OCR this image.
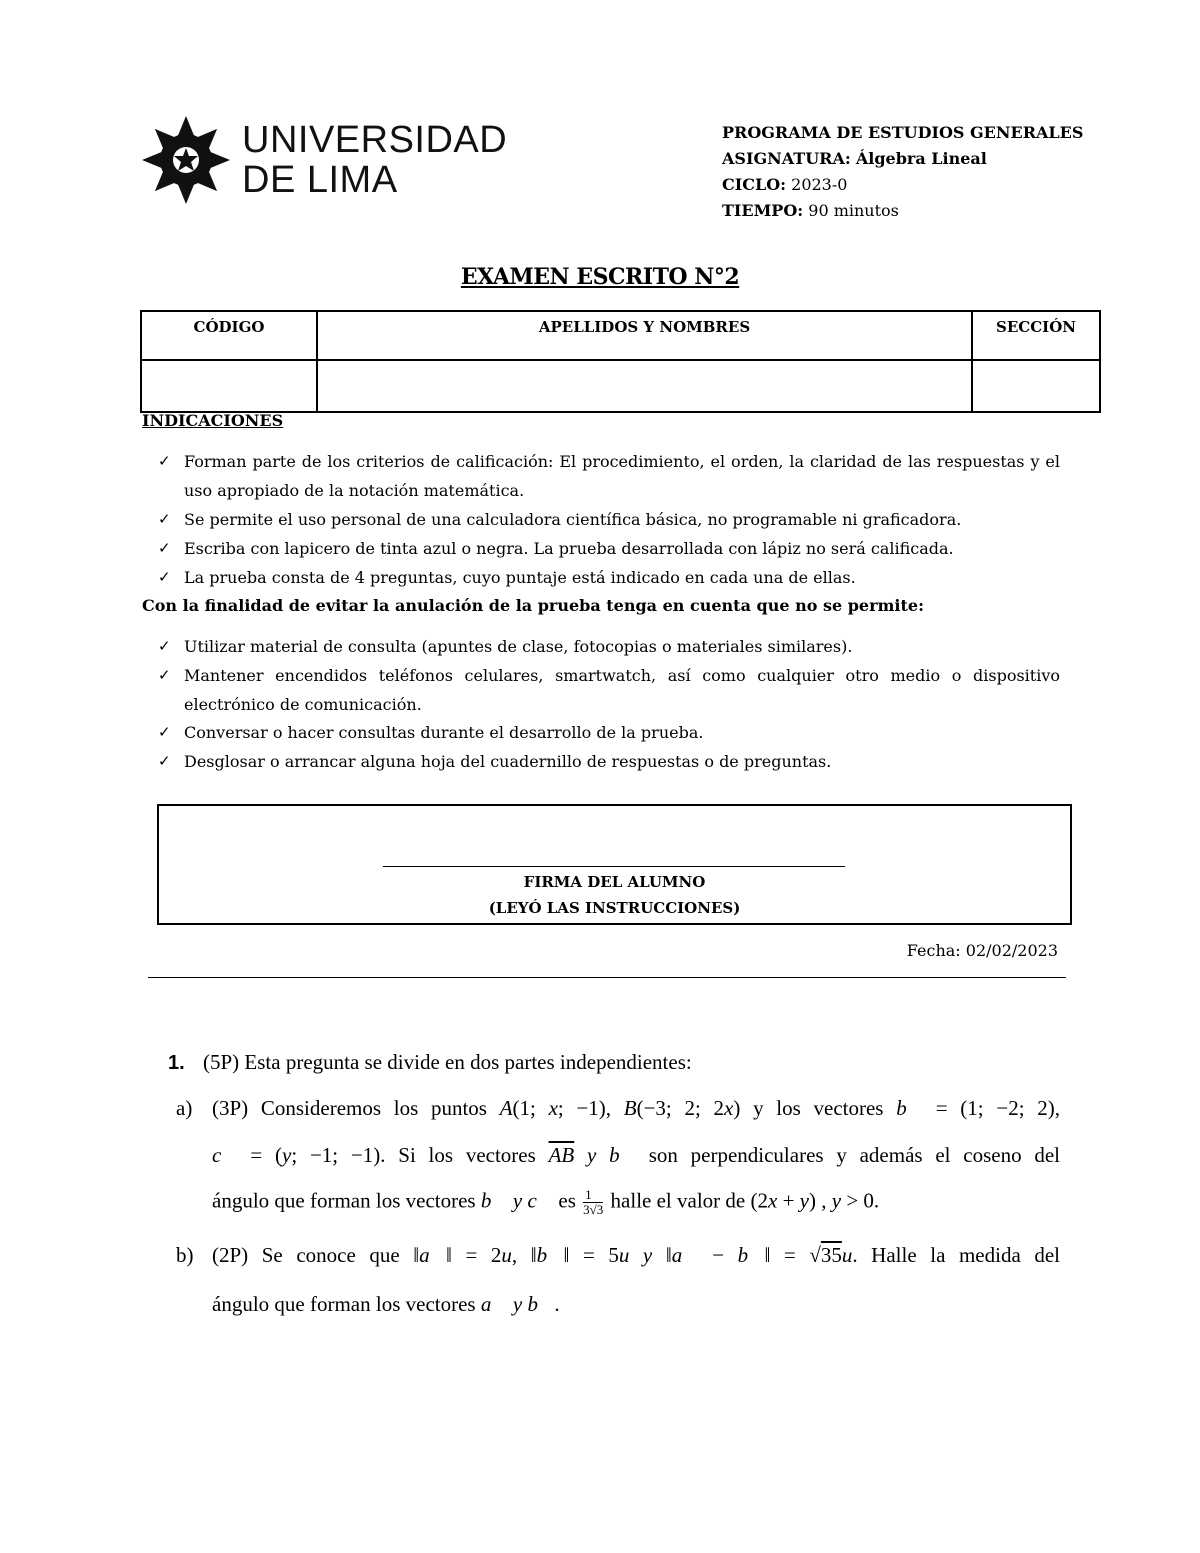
UNIVERSIDAD
DE LIMA
PROGRAMA DE ESTUDIOS GENERALES
ASIGNATURA: Álgebra Lineal
CICLO: 2023-0
TIEMPO: 90 minutos
EXAMEN ESCRITO N°2
CÓDIGO	APELLIDOS Y NOMBRES	SECCIÓN

INDICACIONES
✓ Forman parte de los criterios de calificación: El procedimiento, el orden, la claridad de las respuestas y el uso apropiado de la notación matemática.
✓ Se permite el uso personal de una calculadora científica básica, no programable ni graficadora.
✓ Escriba con lapicero de tinta azul o negra. La prueba desarrollada con lápiz no será calificada.
✓ La prueba consta de 4 preguntas, cuyo puntaje está indicado en cada una de ellas.
Con la finalidad de evitar la anulación de la prueba tenga en cuenta que no se permite:
✓ Utilizar material de consulta (apuntes de clase, fotocopias o materiales similares).
✓ Mantener encendidos teléfonos celulares, smartwatch, así como cualquier otro medio o dispositivo electrónico de comunicación.
✓ Conversar o hacer consultas durante el desarrollo de la prueba.
✓ Desglosar o arrancar alguna hoja del cuadernillo de respuestas o de preguntas.
FIRMA DEL ALUMNO
(LEYÓ LAS INSTRUCCIONES)
Fecha: 02/02/2023
1. (5P) Esta pregunta se divide en dos partes independientes:
a) (3P) Consideremos los puntos A(1; x; −1), B(−3; 2; 2x) y los vectores b⃗ = (1; −2; 2),
c⃗ = (y; −1; −1). Si los vectores $\overline{AB}$ y b⃗ son perpendiculares y además el coseno del
ángulo que forman los vectores b⃗ y c⃗ es $\frac{1}{3√3}$ halle el valor de (2x + y) , y > 0.
b) (2P) Se conoce que ‖a⃗‖ = 2u, ‖b⃗‖ = 5u y ‖a⃗ − b⃗‖ = √35u. Halle la medida del
ángulo que forman los vectores a⃗ y b⃗.
